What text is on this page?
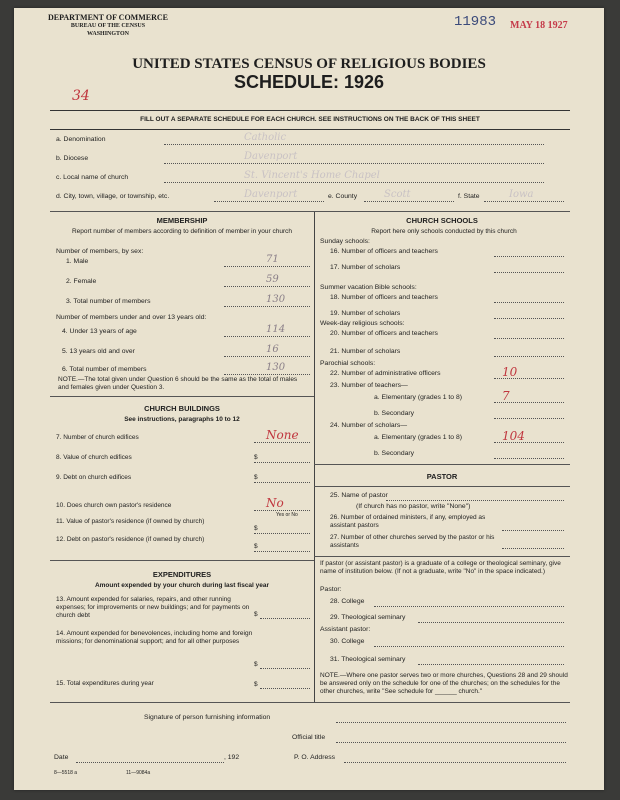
DEPARTMENT OF COMMERCE
BUREAU OF THE CENSUS
WASHINGTON
11983 MAY 18 1927
UNITED STATES CENSUS OF RELIGIOUS BODIES
SCHEDULE: 1926
34
FILL OUT A SEPARATE SCHEDULE FOR EACH CHURCH. SEE INSTRUCTIONS ON THE BACK OF THIS SHEET
a. Denomination	Catholic
b. Diocese	Davenport
c. Local name of church	St. Vincent's Home Chapel
d. City, town, village, or township, etc.	Davenport	e. County	Scott	f. State	Iowa
MEMBERSHIP
Report number of members according to definition of member in your church
Number of members, by sex:
1. Male	71
2. Female	59
3. Total number of members	130
4. Under 13 years of age	114
5. 13 years old and over	16
6. Total number of members	130
Number of members under and over 13 years old:
NOTE.—The total given under Question 6 should be the same as the total of males and females given under Question 3.
CHURCH BUILDINGS
See instructions, paragraphs 10 to 12
7. Number of church edifices	None
8. Value of church edifices	$
9. Debt on church edifices	$
10. Does church own pastor's residence	No
11. Value of pastor's residence (if owned by church)
$
12. Debt on pastor's residence (if owned by church)
$
Yes or No
EXPENDITURES
Amount expended by your church during last fiscal year
13. Amount expended for salaries, repairs, and other running expenses; for improvements or new buildings; and for payments on church debt
14. Amount expended for benevolences, including home and foreign missions; for denominational support; and for all other purposes
15. Total expenditures during year
$
$
$
CHURCH SCHOOLS
Report here only schools conducted by this church
Sunday schools:
Summer vacation Bible schools:
Week-day religious schools:
Parochial schools:
16. Number of officers and teachers
17. Number of scholars
18. Number of officers and teachers
19. Number of scholars
20. Number of officers and teachers
21. Number of scholars
22. Number of administrative officers	10
23. Number of teachers—
a. Elementary (grades 1 to 8)	7
b. Secondary
24. Number of scholars—
a. Elementary (grades 1 to 8)	104
b. Secondary
PASTOR
25. Name of pastor
(If church has no pastor, write "None")
26. Number of ordained ministers, if any, employed as assistant pastors
27. Number of other churches served by the pastor or his assistants
If pastor (or assistant pastor) is a graduate of a college or theological seminary, give name of institution below. (If not a graduate, write "No" in the space indicated.)
Pastor:
28. College
29. Theological seminary
Assistant pastor:
30. College
31. Theological seminary
NOTE.—Where one pastor serves two or more churches, Questions 28 and 29 should be answered only on the schedule for one of the churches; on the schedules for the other churches, write "See schedule for ______ church."
Signature of person furnishing information
Official title
Date	, 192	P. O. Address
8—5518 a	11—9084a
